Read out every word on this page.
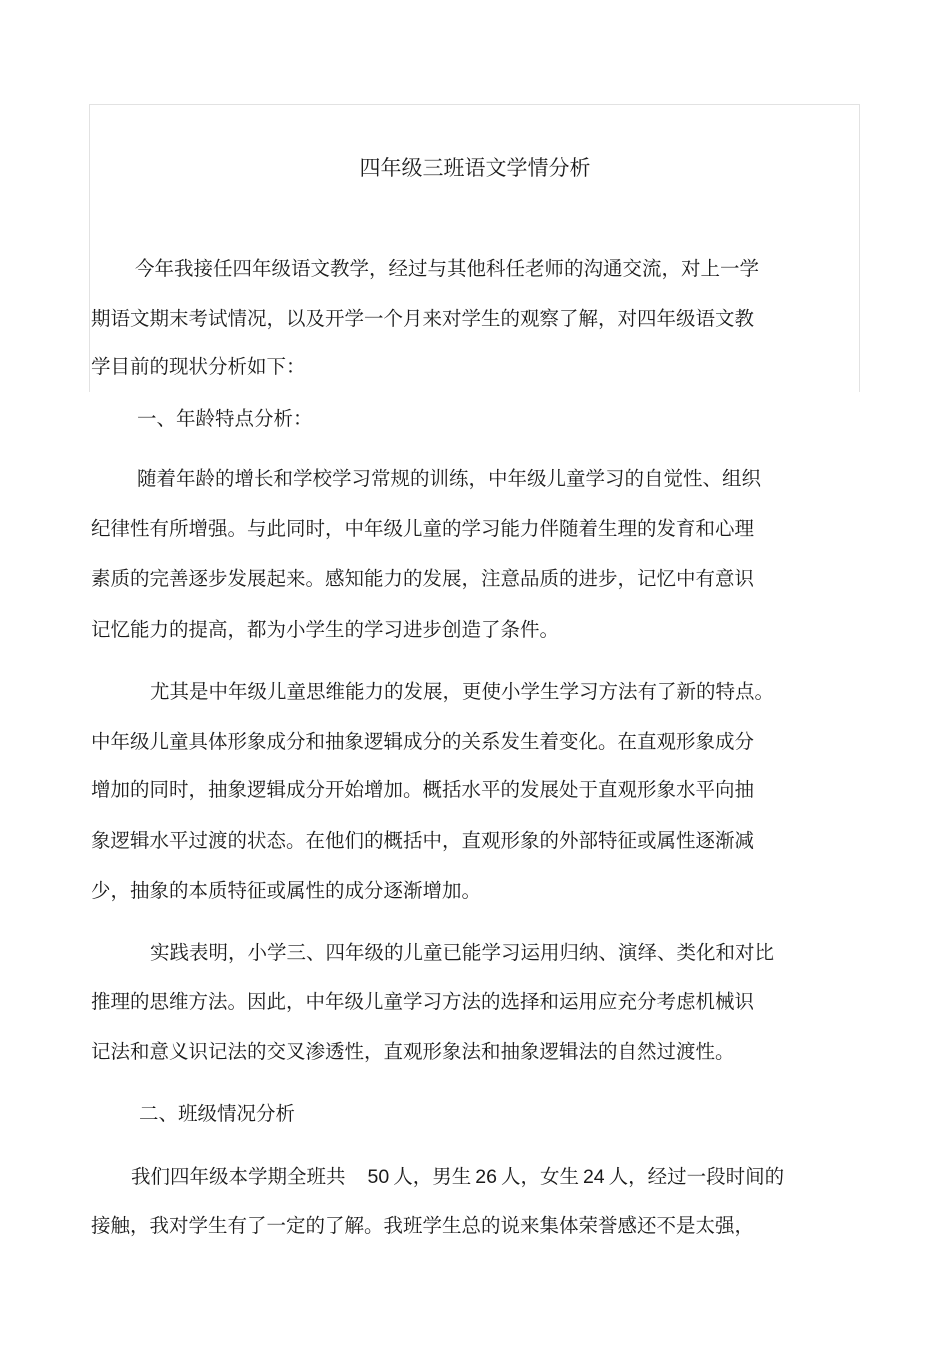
四年级三班语文学情分析

今年我接任四年级语文教学，经过与其他科任老师的沟通交流，对上一学

期语文期末考试情况，以及开学一个月来对学生的观察了解，对四年级语文教

学目前的现状分析如下：

一、年龄特点分析：

随着年龄的增长和学校学习常规的训练，中年级儿童学习的自觉性、组织

纪律性有所增强。与此同时，中年级儿童的学习能力伴随着生理的发育和心理

素质的完善逐步发展起来。感知能力的发展，注意品质的进步，记忆中有意识

记忆能力的提高，都为小学生的学习进步创造了条件。

尤其是中年级儿童思维能力的发展，更使小学生学习方法有了新的特点。

中年级儿童具体形象成分和抽象逻辑成分的关系发生着变化。在直观形象成分

增加的同时，抽象逻辑成分开始增加。概括水平的发展处于直观形象水平向抽

象逻辑水平过渡的状态。在他们的概括中，直观形象的外部特征或属性逐渐减

少，抽象的本质特征或属性的成分逐渐增加。

实践表明，小学三、四年级的儿童已能学习运用归纳、演绎、类化和对比

推理的思维方法。因此，中年级儿童学习方法的选择和运用应充分考虑机械识

记法和意义识记法的交叉渗透性，直观形象法和抽象逻辑法的自然过渡性。

二、班级情况分析

我们四年级本学期全班共 50 人，男生 26 人，女生 24 人，经过一段时间的

接触，我对学生有了一定的了解。我班学生总的说来集体荣誉感还不是太强，
